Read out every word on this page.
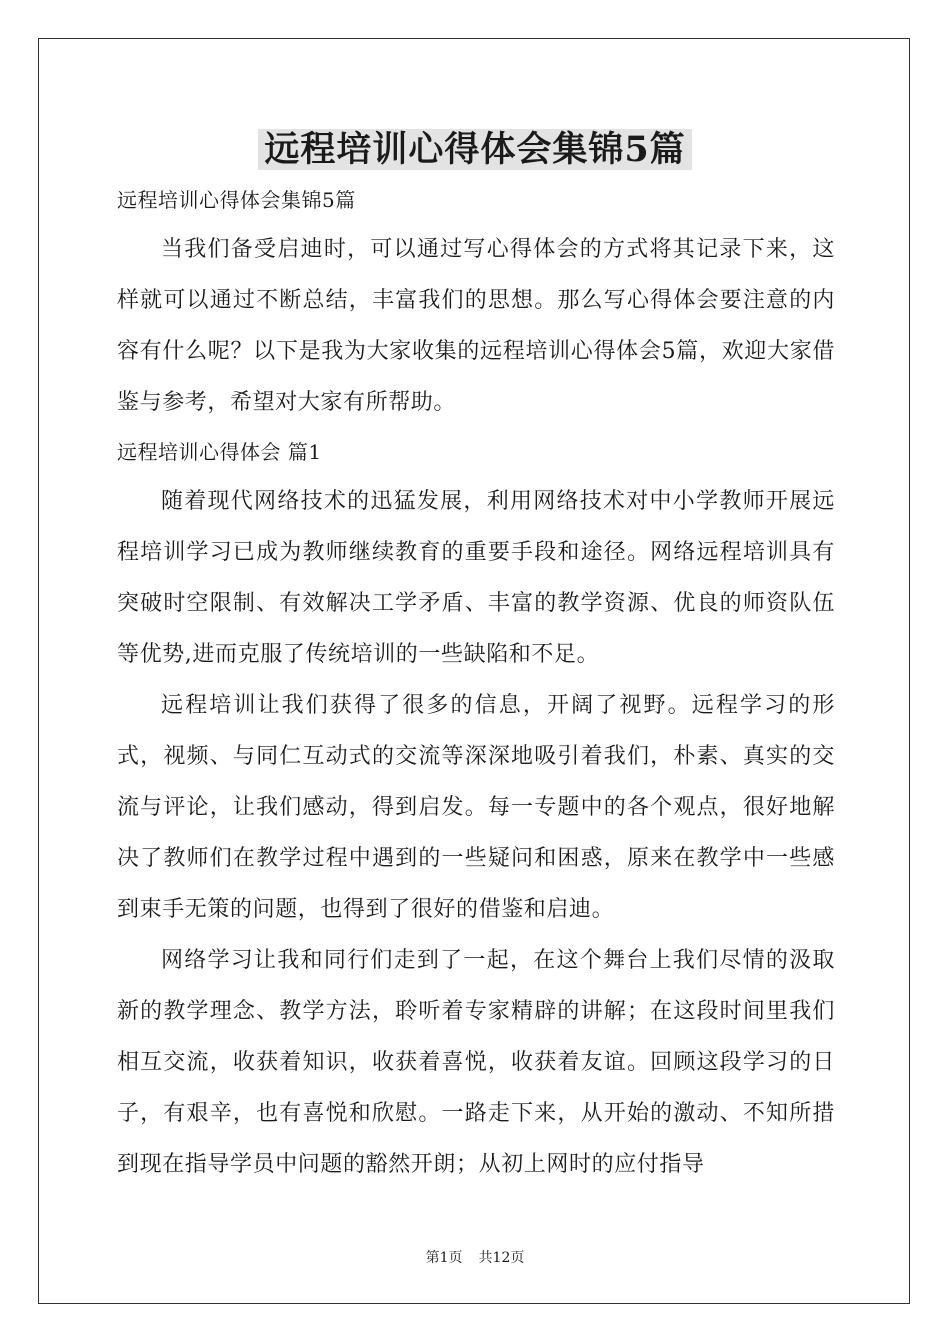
远程培训心得体会集锦5篇
远程培训心得体会集锦5篇

当我们备受启迪时，可以通过写心得体会的方式将其记录下来，这样就可以通过不断总结，丰富我们的思想。那么写心得体会要注意的内容有什么呢？以下是我为大家收集的远程培训心得体会5篇，欢迎大家借鉴与参考，希望对大家有所帮助。

远程培训心得体会 篇1

随着现代网络技术的迅猛发展，利用网络技术对中小学教师开展远程培训学习已成为教师继续教育的重要手段和途径。网络远程培训具有突破时空限制、有效解决工学矛盾、丰富的教学资源、优良的师资队伍等优势,进而克服了传统培训的一些缺陷和不足。

远程培训让我们获得了很多的信息，开阔了视野。远程学习的形式，视频、与同仁互动式的交流等深深地吸引着我们，朴素、真实的交流与评论，让我们感动，得到启发。每一专题中的各个观点，很好地解决了教师们在教学过程中遇到的一些疑问和困惑，原来在教学中一些感到束手无策的问题，也得到了很好的借鉴和启迪。

网络学习让我和同行们走到了一起，在这个舞台上我们尽情的汲取新的教学理念、教学方法，聆听着专家精辟的讲解；在这段时间里我们相互交流，收获着知识，收获着喜悦，收获着友谊。回顾这段学习的日子，有艰辛，也有喜悦和欣慰。一路走下来，从开始的激动、不知所措到现在指导学员中问题的豁然开朗；从初上网时的应付指导

第1页 共12页
